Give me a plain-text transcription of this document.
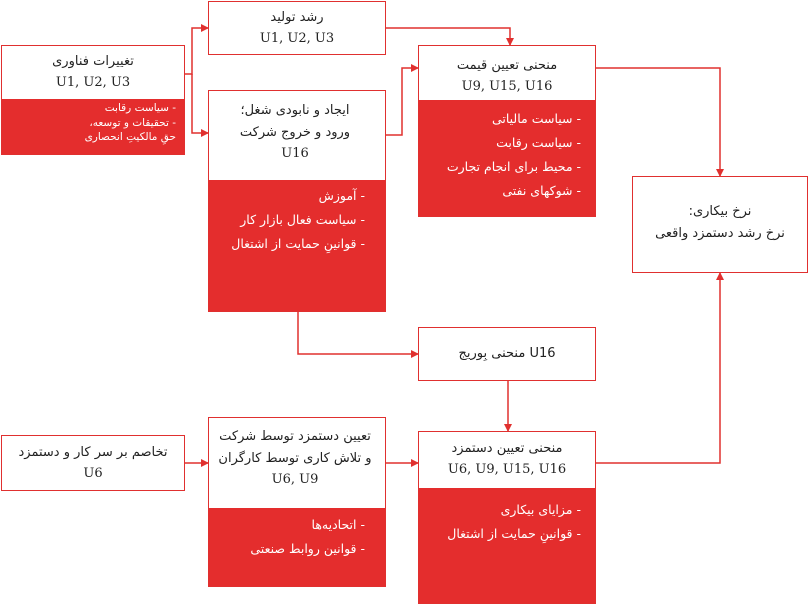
تغییرات فناوری
U1, U2, U3
- سیاست رقابت
- تحقیقات و توسعه،
حقِ مالکیتِ انحصاری
رشد تولید
U1, U2, U3
ایجاد و نابودی شغل؛
ورود و خروج شرکت
U16
- آموزش
- سیاست فعال بازار کار
- قوانینِ حمایت از اشتغال
منحنی تعیین قیمت
U9, U15, U16
- سیاست مالیاتی
- سیاست رقابت
- محیط برای انجام تجارت
- شوکهای نفتی
نرخ بیکاری:
نرخ رشد دستمزد واقعی
U16 منحنی بِوریج
تخاصم بر سر کار و دستمزد
U6
تعیین دستمزد توسط شرکت
و تلاش کاری توسط کارگران
U6, U9
- اتحادیه‌ها
- قوانین روابط صنعتی
منحنی تعیین دستمزد
U6, U9, U15, U16
- مزایای بیکاری
- قوانینِ حمایت از اشتغال
